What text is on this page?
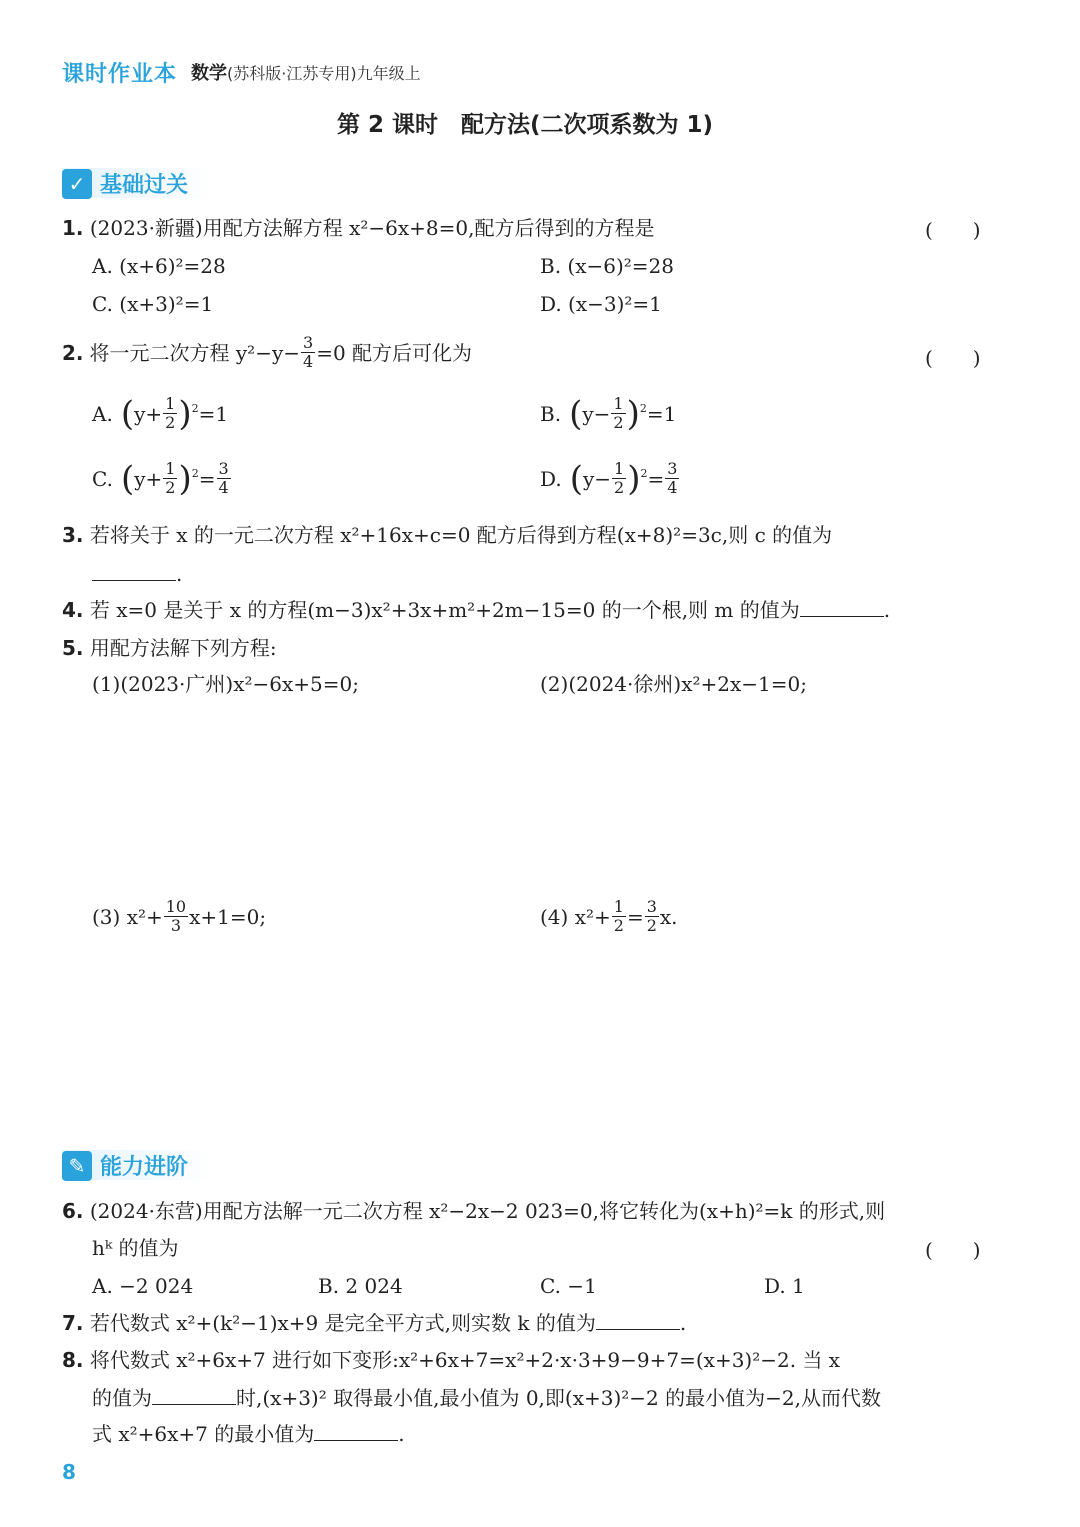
课时作业本 数学 (苏科版·江苏专用)九年级上
第 2 课时　配方法(二次项系数为 1)
✓ 基础过关
1. (2023·新疆)用配方法解方程 x²−6x+8=0,配方后得到的方程是	(　　)
A. (x+6)²=28	B. (x−6)²=28
C. (x+3)²=1	D. (x−3)²=1
2. 将一元二次方程 $y^2-y- \frac{3}{4} =0$ 配方后可化为	(　　)
A. ( $y+ \frac{1}{2} )^2 =1$	B. ( $y- \frac{1}{2} )^2 =1$
C. ( $y+ \frac{1}{2} )^2 = \frac{3}{4}$	D. ( $y- \frac{1}{2} )^2 = \frac{3}{4}$
3. 若将关于 x 的一元二次方程 x²+16x+c=0 配方后得到方程(x+8)²=3c,则 c 的值为
.
4. 若 x=0 是关于 x 的方程(m−3)x²+3x+m²+2m−15=0 的一个根,则 m 的值为	.
5. 用配方法解下列方程:
(1)(2023·广州)x²−6x+5=0;	(2)(2024·徐州)x²+2x−1=0;
(3) $x^2+ \frac{10}{3} x+1=0$;	(4) $x^2+ \frac{1}{2} = \frac{3}{2} x$.
✎ 能力进阶
6. (2024·东营)用配方法解一元二次方程 x²−2x−2 023=0,将它转化为(x+h)²=k 的形式,则
hᵏ 的值为	(　　)
A. −2 024	B. 2 024	C. −1	D. 1
7. 若代数式 x²+(k²−1)x+9 是完全平方式,则实数 k 的值为	.
8. 将代数式 x²+6x+7 进行如下变形:x²+6x+7=x²+2·x·3+9−9+7=(x+3)²−2. 当 x
的值为	时,(x+3)² 取得最小值,最小值为 0,即(x+3)²−2 的最小值为−2,从而代数
式 x²+6x+7 的最小值为	.
8
